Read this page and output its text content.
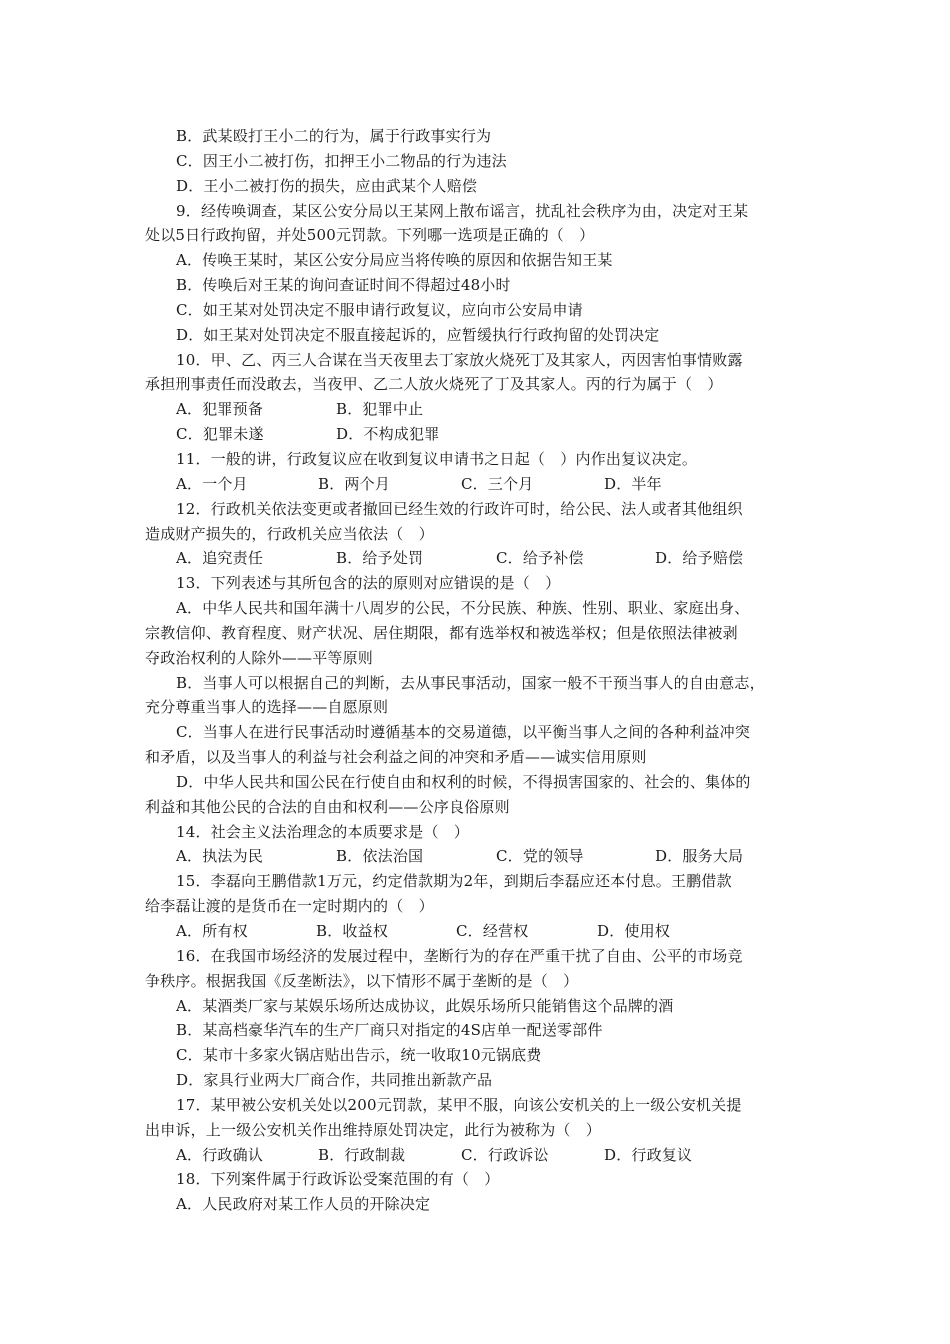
B．武某殴打王小二的行为，属于行政事实行为
C．因王小二被打伤，扣押王小二物品的行为违法
D．王小二被打伤的损失，应由武某个人赔偿
9．经传唤调查，某区公安分局以王某网上散布谣言，扰乱社会秩序为由，决定对王某
处以5日行政拘留，并处500元罚款。下列哪一选项是正确的（　）
A．传唤王某时，某区公安分局应当将传唤的原因和依据告知王某
B．传唤后对王某的询问查证时间不得超过48小时
C．如王某对处罚决定不服申请行政复议，应向市公安局申请
D．如王某对处罚决定不服直接起诉的，应暂缓执行行政拘留的处罚决定
10．甲、乙、丙三人合谋在当天夜里去丁家放火烧死丁及其家人，丙因害怕事情败露
承担刑事责任而没敢去，当夜甲、乙二人放火烧死了丁及其家人。丙的行为属于（　）
A．犯罪预备	B．犯罪中止
C．犯罪未遂	D．不构成犯罪
11．一般的讲，行政复议应在收到复议申请书之日起（　）内作出复议决定。
A．一个月	B．两个月	C．三个月	D．半年
12．行政机关依法变更或者撤回已经生效的行政许可时，给公民、法人或者其他组织
造成财产损失的，行政机关应当依法（　）
A．追究责任	B．给予处罚	C．给予补偿	D．给予赔偿
13．下列表述与其所包含的法的原则对应错误的是（　）
A．中华人民共和国年满十八周岁的公民，不分民族、种族、性别、职业、家庭出身、
宗教信仰、教育程度、财产状况、居住期限，都有选举权和被选举权；但是依照法律被剥
夺政治权利的人除外——平等原则
B．当事人可以根据自己的判断，去从事民事活动，国家一般不干预当事人的自由意志，
充分尊重当事人的选择——自愿原则
C．当事人在进行民事活动时遵循基本的交易道德，以平衡当事人之间的各种利益冲突
和矛盾，以及当事人的利益与社会利益之间的冲突和矛盾——诚实信用原则
D．中华人民共和国公民在行使自由和权利的时候，不得损害国家的、社会的、集体的
利益和其他公民的合法的自由和权利——公序良俗原则
14．社会主义法治理念的本质要求是（　）
A．执法为民	B．依法治国	C．党的领导	D．服务大局
15．李磊向王鹏借款1万元，约定借款期为2年，到期后李磊应还本付息。王鹏借款
给李磊让渡的是货币在一定时期内的（　）
A．所有权	B．收益权	C．经营权	D．使用权
16．在我国市场经济的发展过程中，垄断行为的存在严重干扰了自由、公平的市场竞
争秩序。根据我国《反垄断法》，以下情形不属于垄断的是（　）
A．某酒类厂家与某娱乐场所达成协议，此娱乐场所只能销售这个品牌的酒
B．某高档豪华汽车的生产厂商只对指定的4S店单一配送零部件
C．某市十多家火锅店贴出告示，统一收取10元锅底费
D．家具行业两大厂商合作，共同推出新款产品
17．某甲被公安机关处以200元罚款，某甲不服，向该公安机关的上一级公安机关提
出申诉，上一级公安机关作出维持原处罚决定，此行为被称为（　）
A．行政确认	B．行政制裁	C．行政诉讼	D．行政复议
18．下列案件属于行政诉讼受案范围的有（　）
A．人民政府对某工作人员的开除决定
